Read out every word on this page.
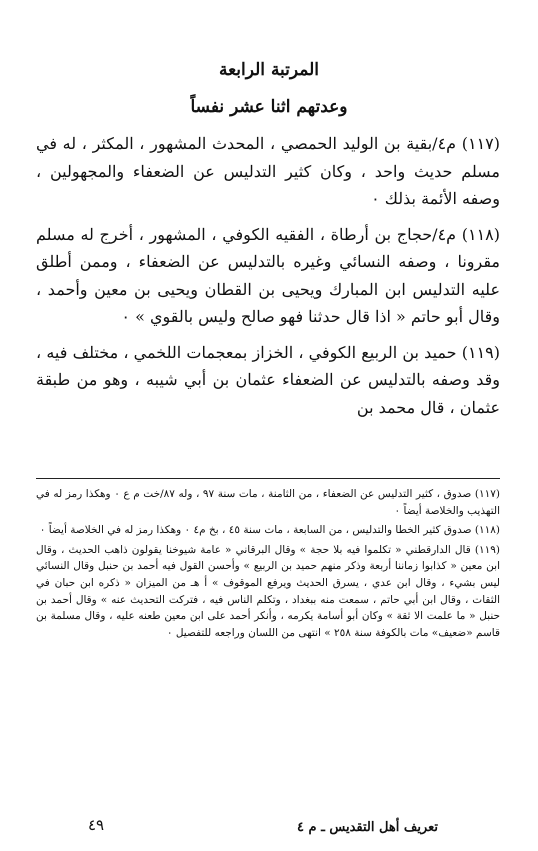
المرتبة الرابعة
وعدتهم اثنا عشر نفساً

(١١٧) م٤/بقية بن الوليد الحمصي ، المحدث المشهور ، المكثر ، له في مسلم حديث واحد ، وكان كثير التدليس عن الضعفاء والمجهولين ، وصفه الأئمة بذلك ٠

(١١٨) م٤/حجاج بن أرطاة ، الفقيه الكوفي ، المشهور ، أخرج له مسلم مقرونا ، وصفه النسائي وغيره بالتدليس عن الضعفاء ، وممن أطلق عليه التدليس ابن المبارك ويحيى بن القطان ويحيى بن معين وأحمد ، وقال أبو حاتم « اذا قال حدثنا فهو صالح وليس بالقوي » ٠

(١١٩) حميد بن الربيع الكوفي ، الخزاز بمعجمات اللخمي ، مختلف فيه ، وقد وصفه بالتدليس عن الضعفاء عثمان بن أبي شيبه ، وهو من طبقة عثمان ، قال محمد بن

(١١٧) صدوق ، كثير التدليس عن الضعفاء ، من الثامنة ، مات سنة ٩٧ ، وله ٨٧/خت م ع ٠ وهكذا رمز له في التهذيب والخلاصة أيضاً ٠

(١١٨) صدوق كثير الخطا والتدليس ، من السابعة ، مات سنة ٤٥ ، بخ م٤ ٠ وهكذا رمز له في الخلاصة أيضاً ٠

(١١٩) قال الدارقطني « تكلموا فيه بلا حجة » وقال البرقاني « عامة شيوخنا يقولون ذاهب الحديث ، وقال ابن معين « كذابوا زماننا أربعة وذكر منهم حميد بن الربيع » وأحسن القول فيه أحمد بن حنبل وقال النسائي ليس بشيء ، وقال ابن عدي ، يسرق الحديث ويرفع الموقوف » أ هـ من الميزان « ذكره ابن حبان في الثقات ، وقال ابن أبي حاتم ، سمعت منه ببغداد ، وتكلم الناس فيه ، فتركت التحديث عنه » وقال أحمد بن حنبل « ما علمت الا ثقة » وكان أبو أسامة يكرمه ، وأنكر أحمد على ابن معين طعنه عليه ، وقال مسلمة بن قاسم «ضعيف» مات بالكوفة سنة ٢٥٨ » انتهى من اللسان وراجعه للتفصيل ٠

تعريف أهل التقديس ـ م ٤
٤٩
